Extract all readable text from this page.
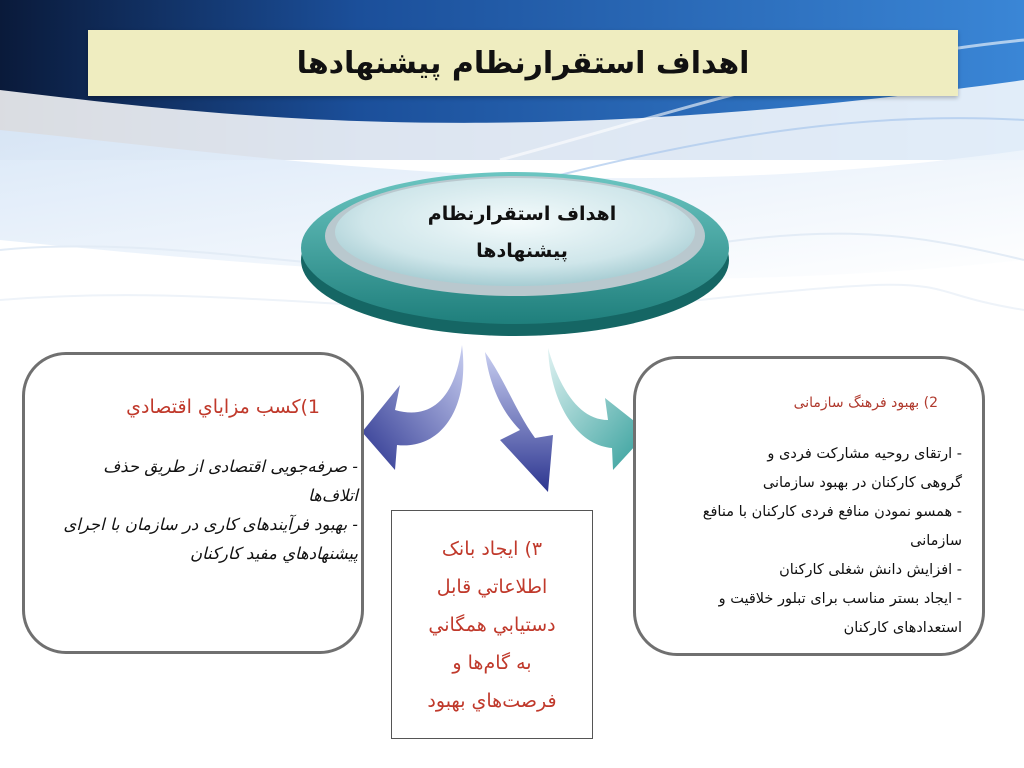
اهداف استقرارنظام پیشنهادها
اهداف استقرارنظام
پیشنهادها
1)کسب مزاياي اقتصادي
- صرفه‌جویی اقتصادی از طریق حذف اتلاف‌ها
- بهبود فرآیندهای کاری در سازمان با اجرای پیشنهادهاي مفيد كاركنان
2) بهبود فرهنگ سازمانی
- ارتقای روحیه مشارکت فردی و
گروهی کارکنان در بهبود سازمانی
- همسو نمودن منافع فردی کارکنان با منافع
سازمانی
- افزایش دانش شغلی کارکنان
- ایجاد بستر مناسب برای تبلور خلاقیت و
استعدادهای کارکنان
٣) ايجاد بانک
اطلاعاتي قابل
دستيابي همگاني
به گام‌ها و
فرصت‌هاي بهبود
